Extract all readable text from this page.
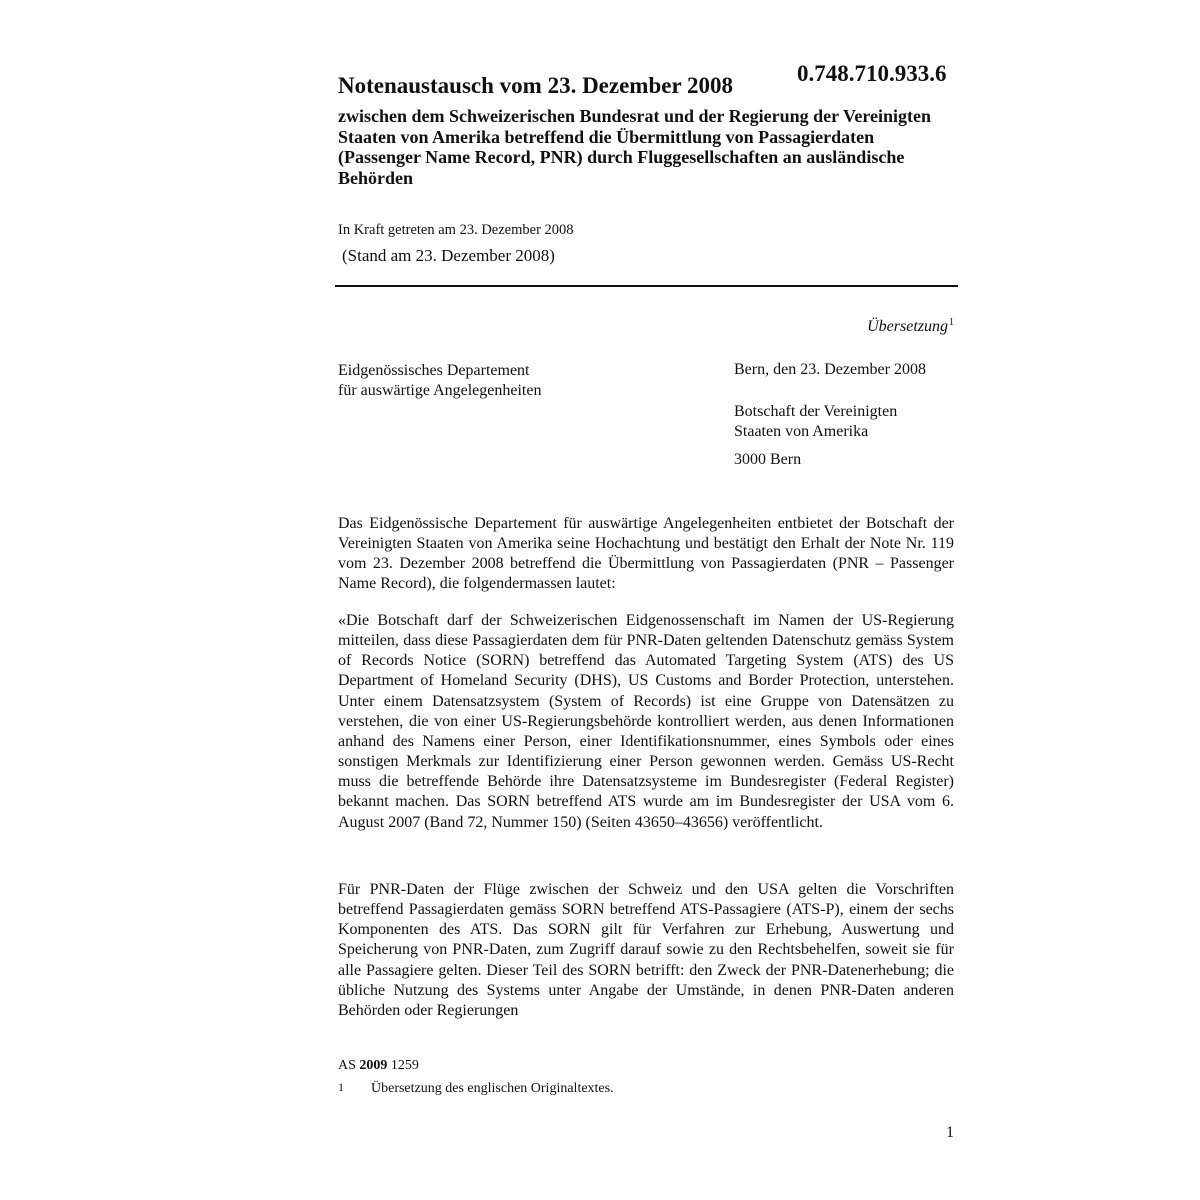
0.748.710.933.6
Notenaustausch vom 23. Dezember 2008
zwischen dem Schweizerischen Bundesrat und der Regierung der Vereinigten Staaten von Amerika betreffend die Übermittlung von Passagierdaten (Passenger Name Record, PNR) durch Fluggesellschaften an ausländische Behörden
In Kraft getreten am 23. Dezember 2008
(Stand am 23. Dezember 2008)
Übersetzung$^1$
Eidgenössisches Departement
für auswärtige Angelegenheiten
Bern, den 23. Dezember 2008
Botschaft der Vereinigten
Staaten von Amerika
3000 Bern

Das Eidgenössische Departement für auswärtige Angelegenheiten entbietet der Botschaft der Vereinigten Staaten von Amerika seine Hochachtung und bestätigt den Erhalt der Note Nr. 119 vom 23. Dezember 2008 betreffend die Übermittlung von Passagierdaten (PNR – Passenger Name Record), die folgendermassen lautet:

«Die Botschaft darf der Schweizerischen Eidgenossenschaft im Namen der US-Regierung mitteilen, dass diese Passagierdaten dem für PNR-Daten geltenden Datenschutz gemäss System of Records Notice (SORN) betreffend das Automated Targeting System (ATS) des US Department of Homeland Security (DHS), US Customs and Border Protection, unterstehen. Unter einem Datensatzsystem (System of Records) ist eine Gruppe von Datensätzen zu verstehen, die von einer US-Regierungsbehörde kontrolliert werden, aus denen Informationen anhand des Namens einer Person, einer Identifikationsnummer, eines Symbols oder eines sonstigen Merkmals zur Identifizierung einer Person gewonnen werden. Gemäss US-Recht muss die betreffende Behörde ihre Datensatzsysteme im Bundesregister (Federal Register) bekannt machen. Das SORN betreffend ATS wurde am im Bundesregister der USA vom 6. August 2007 (Band 72, Nummer 150) (Seiten 43650–43656) veröffentlicht.

Für PNR-Daten der Flüge zwischen der Schweiz und den USA gelten die Vorschriften betreffend Passagierdaten gemäss SORN betreffend ATS-Passagiere (ATS-P), einem der sechs Komponenten des ATS. Das SORN gilt für Verfahren zur Erhebung, Auswertung und Speicherung von PNR-Daten, zum Zugriff darauf sowie zu den Rechtsbehelfen, soweit sie für alle Passagiere gelten. Dieser Teil des SORN betrifft: den Zweck der PNR-Datenerhebung; die übliche Nutzung des Systems unter Angabe der Umstände, in denen PNR-Daten anderen Behörden oder Regierungen

AS 2009 1259
1 Übersetzung des englischen Originaltextes.
1
